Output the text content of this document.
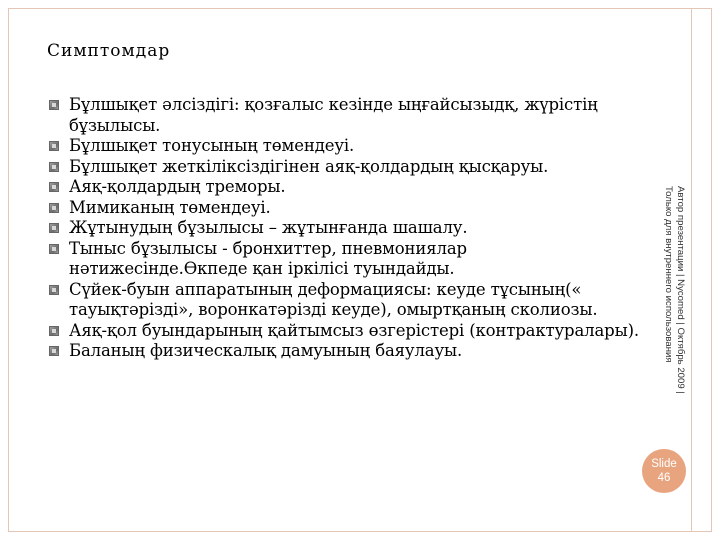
Симптомдар
Бұлшықет әлсіздігі: қозғалыс кезінде ыңғайсызыдқ, жүрістің бұзылысы.
Бұлшықет тонусының төмендеуі.
Бұлшықет жеткіліксіздігінен аяқ-қолдардың қысқаруы.
Аяқ-қолдардың треморы.
Мимиканың төмендеуі.
Жұтынудың бұзылысы – жұтынғанда шашалу.
Тыныс бұзылысы - бронхиттер, пневмониялар нәтижесінде.Өкпеде қан іркілісі туындайды.
Сүйек-буын аппаратының деформациясы: кеуде тұсының(« тауықтәрізді», воронкатәрізді кеуде), омыртқаның сколиозы.
Аяқ-қол буындарының қайтымсыз өзгерістері (контрактуралары).
Баланың физическалық дамуының баяулауы.	Автор презентации | Nycomed | Октябрь 2009 | Только для внутреннего использования
Slide
46
